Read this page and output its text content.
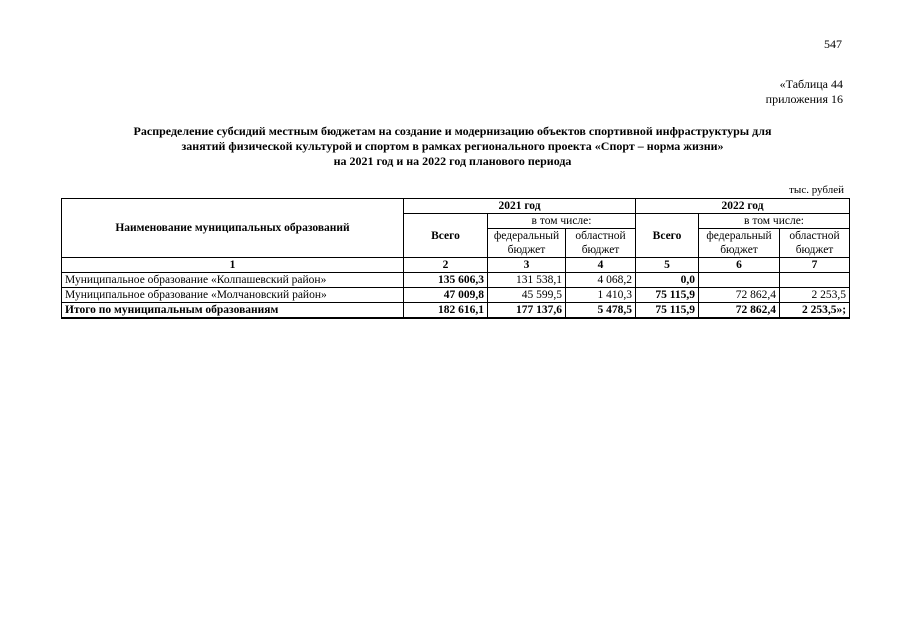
547
«Таблица 44
приложения 16
Распределение субсидий местным бюджетам на создание и модернизацию объектов спортивной инфраструктуры для
занятий физической культурой и спортом в рамках регионального проекта «Спорт – норма жизни»
на 2021 год и на 2022 год планового периода
тыс. рублей
Наименование муниципальных образований	2021 год			2022 год		
	Всего	в том числе:		Всего	в том числе:	
		федеральный бюджет	областной бюджет		федеральный бюджет	областной бюджет
1	2	3	4	5	6	7
Муниципальное образование «Колпашевский район»	135 606,3	131 538,1	4 068,2	0,0		
Муниципальное образование «Молчановский район»	47 009,8	45 599,5	1 410,3	75 115,9	72 862,4	2 253,5
Итого по муниципальным образованиям	182 616,1	177 137,6	5 478,5	75 115,9	72 862,4	2 253,5»;
